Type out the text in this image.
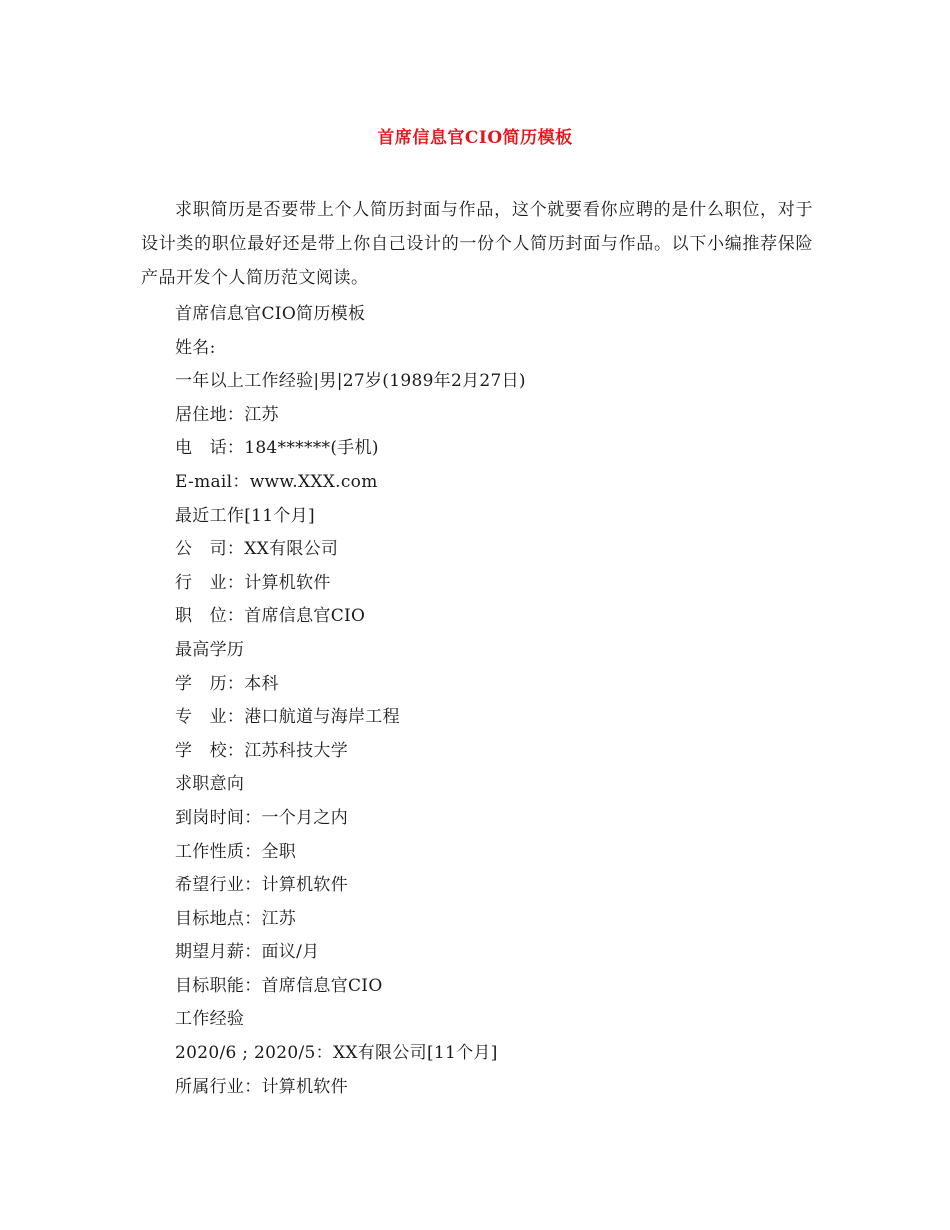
首席信息官CIO简历模板

求职简历是否要带上个人简历封面与作品，这个就要看你应聘的是什么职位，对于设计类的职位最好还是带上你自己设计的一份个人简历封面与作品。以下小编推荐保险产品开发个人简历范文阅读。

首席信息官CIO简历模板
姓名:
一年以上工作经验|男|27岁(1989年2月27日)
居住地：江苏
电　话：184******(手机)
E-mail：www.XXX.com
最近工作[11个月]
公　司：XX有限公司
行　业：计算机软件
职　位：首席信息官CIO
最高学历
学　历：本科
专　业：港口航道与海岸工程
学　校：江苏科技大学
求职意向
到岗时间：一个月之内
工作性质：全职
希望行业：计算机软件
目标地点：江苏
期望月薪：面议/月
目标职能：首席信息官CIO
工作经验
2020/6 ; 2020/5：XX有限公司[11个月]
所属行业：计算机软件
